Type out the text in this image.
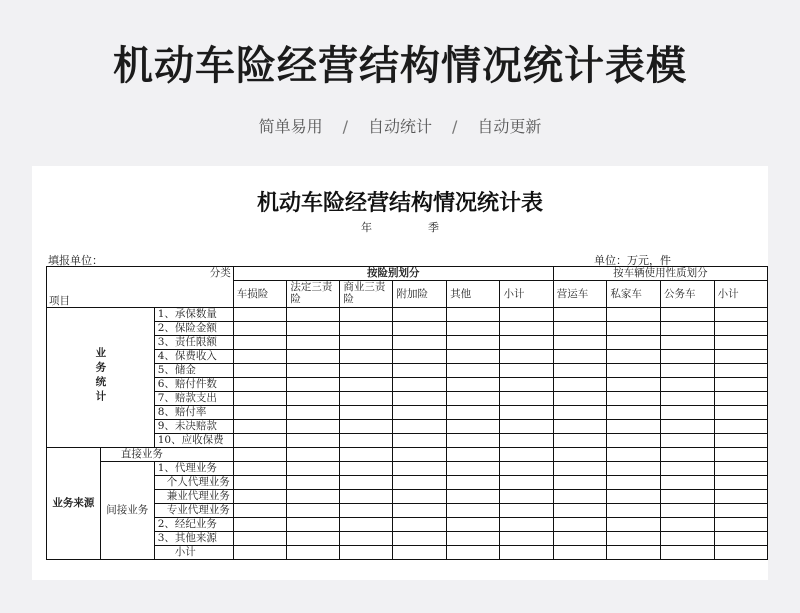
机动车险经营结构情况统计表模
简单易用 / 自动统计 / 自动更新
机动车险经营结构情况统计表
年	季
填报单位：	单位：万元，件
分类
项目			按险别划分						按车辆使用性质划分			
			车损险	法定三责险	商业三责险	附加险	其他	小计	营运车	私家车	公务车	小计
业务统计		1、承保数量										
		2、保险金额										
		3、责任限额										
		4、保费收入										
		5、储金										
		6、赔付件数										
		7、赔款支出										
		8、赔付率										
		9、未决赔款										
		10、应收保费										
业务来源	直接业务											
	间接业务	1、代理业务										
		个人代理业务										
		兼业代理业务										
		专业代理业务										
		2、经纪业务										
		3、其他来源										
		小计										
